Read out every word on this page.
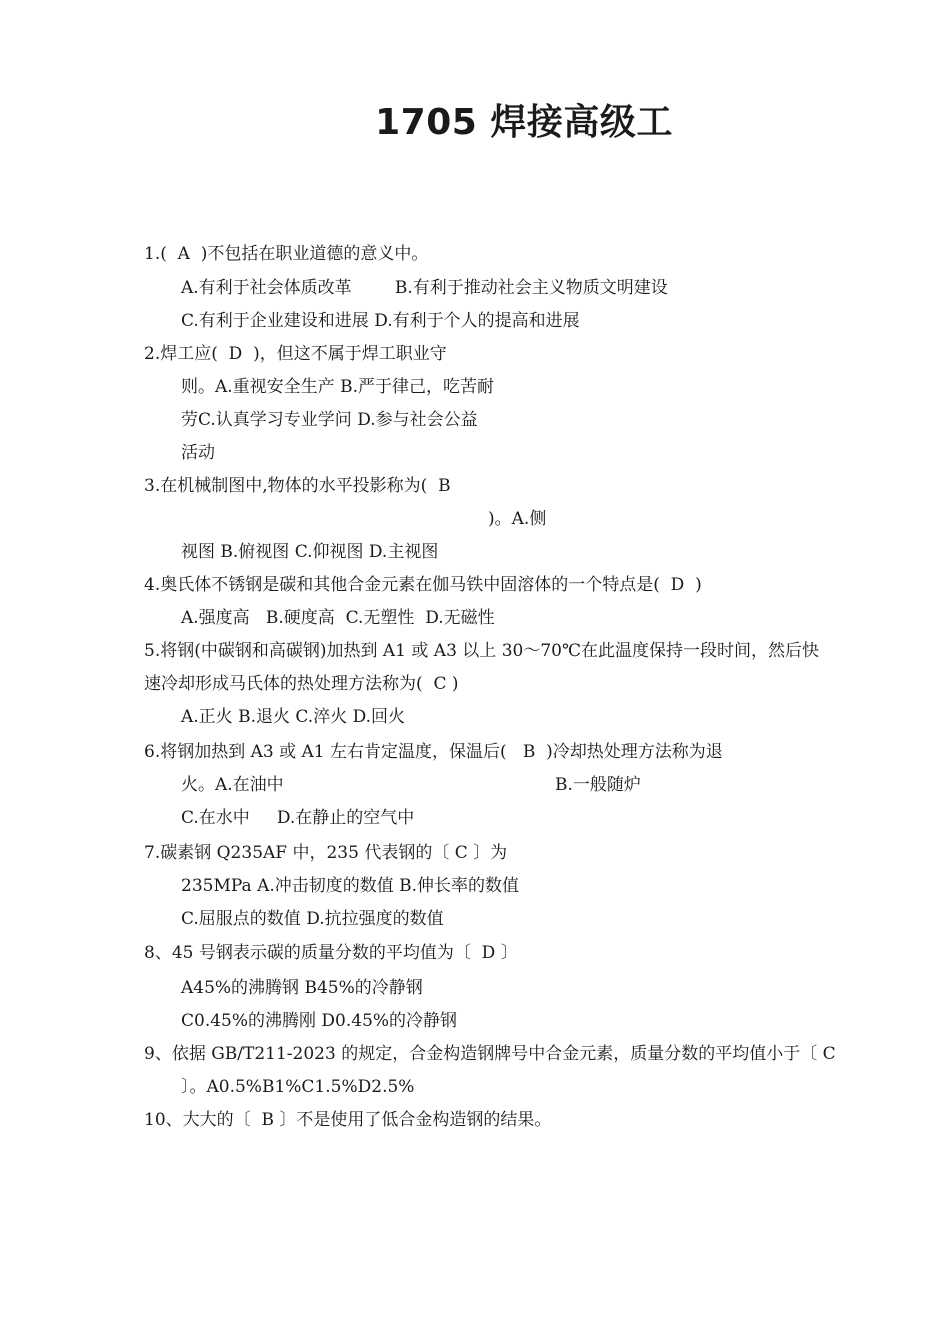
1705 焊接高级工
1.(  A  )不包括在职业道德的意义中。
A.有利于社会体质改革        B.有利于推动社会主义物质文明建设
C.有利于企业建设和进展 D.有利于个人的提高和进展
2.焊工应(  D  )，但这不属于焊工职业守
则。A.重视安全生产 B.严于律己，吃苦耐
劳C.认真学习专业学问 D.参与社会公益
活动
3.在机械制图中,物体的水平投影称为(  B
)。A.侧
视图 B.俯视图 C.仰视图 D.主视图
4.奥氏体不锈钢是碳和其他合金元素在伽马铁中固溶体的一个特点是(  D  )
A.强度高   B.硬度高  C.无塑性  D.无磁性
5.将钢(中碳钢和高碳钢)加热到 A1 或 A3 以上 30～70℃在此温度保持一段时间，然后快
速冷却形成马氏体的热处理方法称为(  C )
A.正火 B.退火 C.淬火 D.回火
6.将钢加热到 A3 或 A1 左右肯定温度，保温后(   B  )冷却热处理方法称为退
火。A.在油中	B.一般随炉
C.在水中     D.在静止的空气中
7.碳素钢 Q235AF 中，235 代表钢的〔 C 〕为
235MPa A.冲击韧度的数值 B.伸长率的数值
C.屈服点的数值 D.抗拉强度的数值
8、45 号钢表示碳的质量分数的平均值为〔  D 〕
A45%的沸腾钢 B45%的冷静钢
C0.45%的沸腾刚 D0.45%的冷静钢
9、依据 GB/T211-2023 的规定，合金构造钢牌号中合金元素，质量分数的平均值小于〔 C
〕。A0.5%B1%C1.5%D2.5%
10、大大的〔  B 〕不是使用了低合金构造钢的结果。
